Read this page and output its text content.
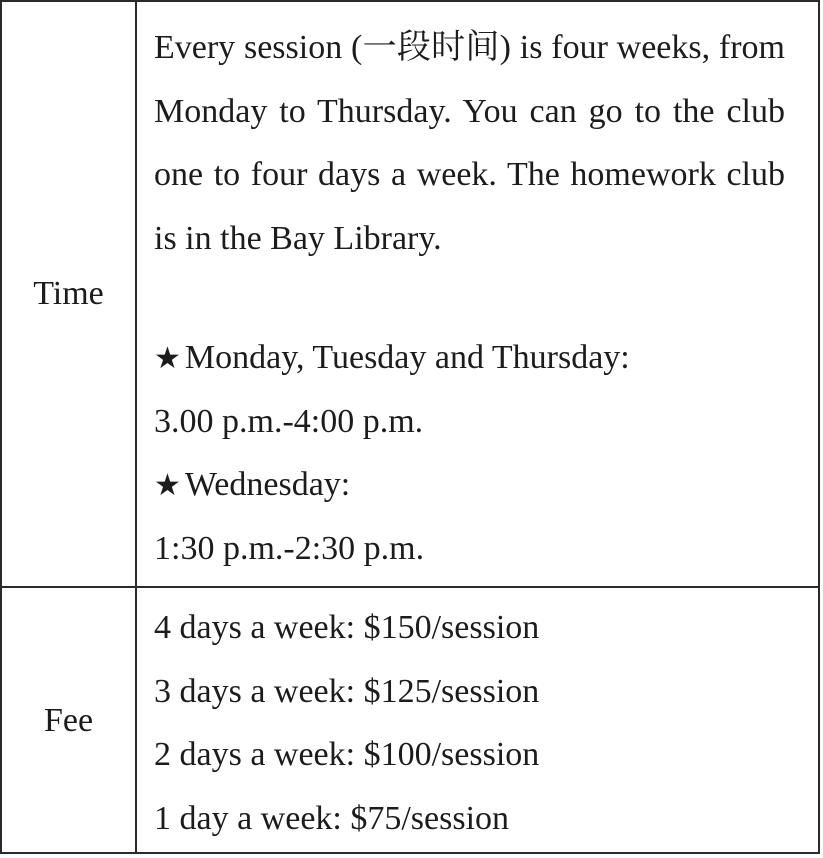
Time
Every session (一段时间) is four weeks, from Monday to Thursday. You can go to the club one to four days a week. The homework club is in the Bay Library.
★ Monday, Tuesday and Thursday:
3.00 p.m.-4:00 p.m.
★ Wednesday:
1:30 p.m.-2:30 p.m.
Fee
4 days a week: $150/session
3 days a week: $125/session
2 days a week: $100/session
1 day a week: $75/session
